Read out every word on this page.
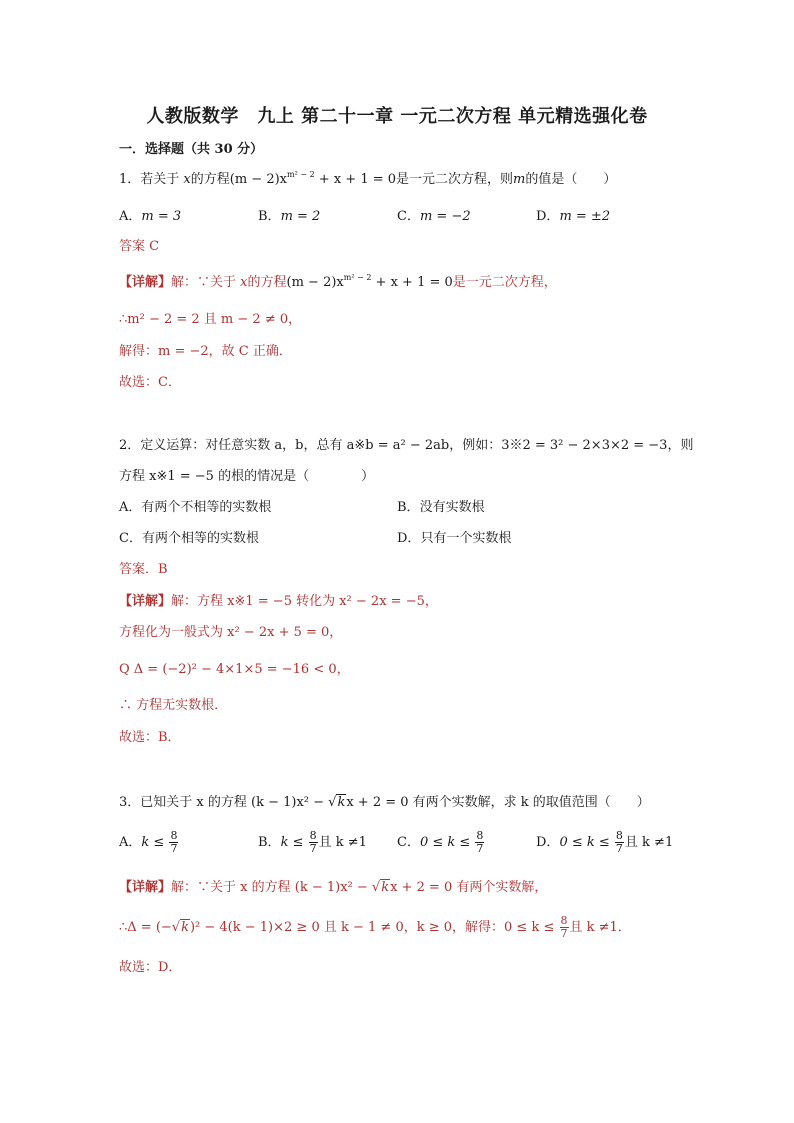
人教版数学　九上 第二十一章 一元二次方程 单元精选强化卷
一．选择题（共 30 分）
1．若关于 x的方程$(m - 2)x^{m^2 - 2} + x + 1 = 0$是一元二次方程，则m的值是（　　）
A．m = 3	B．m = 2	C．m = −2	D．m = ±2
答案 C
【详解】解：∵关于 x的方程$(m - 2)x^{m^2 - 2} + x + 1 = 0$是一元二次方程，
∴m² − 2 = 2 且 m − 2 ≠ 0，
解得：m = −2，故 C 正确．
故选：C．
2．定义运算：对任意实数 a，b，总有 a※b = a² − 2ab，例如：3※2 = 3² − 2×3×2 = −3，则
方程 x※1 = −5 的根的情况是（　　　　）
A．有两个不相等的实数根	B．没有实数根
C．有两个相等的实数根	D．只有一个实数根
答案．B
【详解】解：方程 x※1 = −5 转化为 x² − 2x = −5，
方程化为一般式为 x² − 2x + 5 = 0，
Q Δ = (−2)² − 4×1×5 = −16 < 0，
∴ 方程无实数根．
故选：B．
3．已知关于 x 的方程 (k − 1)x² − √kx + 2 = 0 有两个实数解，求 k 的取值范围（　　）
A．$k \le \frac{8}{7}$	B．$k \le \frac{8}{7}$ 且 k ≠1 C．$0 \le k \le \frac{8}{7}$	D．$0 \le k \le \frac{8}{7}$ 且 k ≠1
【详解】解：∵关于 x 的方程 (k − 1)x² − √kx + 2 = 0 有两个实数解，
∴Δ = (−√k)² − 4(k − 1)×2 ≥ 0 且 k − 1 ≠ 0，k ≥ 0，解得：$0 \le k \le \frac{8}{7}$ 且 k ≠1．
故选：D．
